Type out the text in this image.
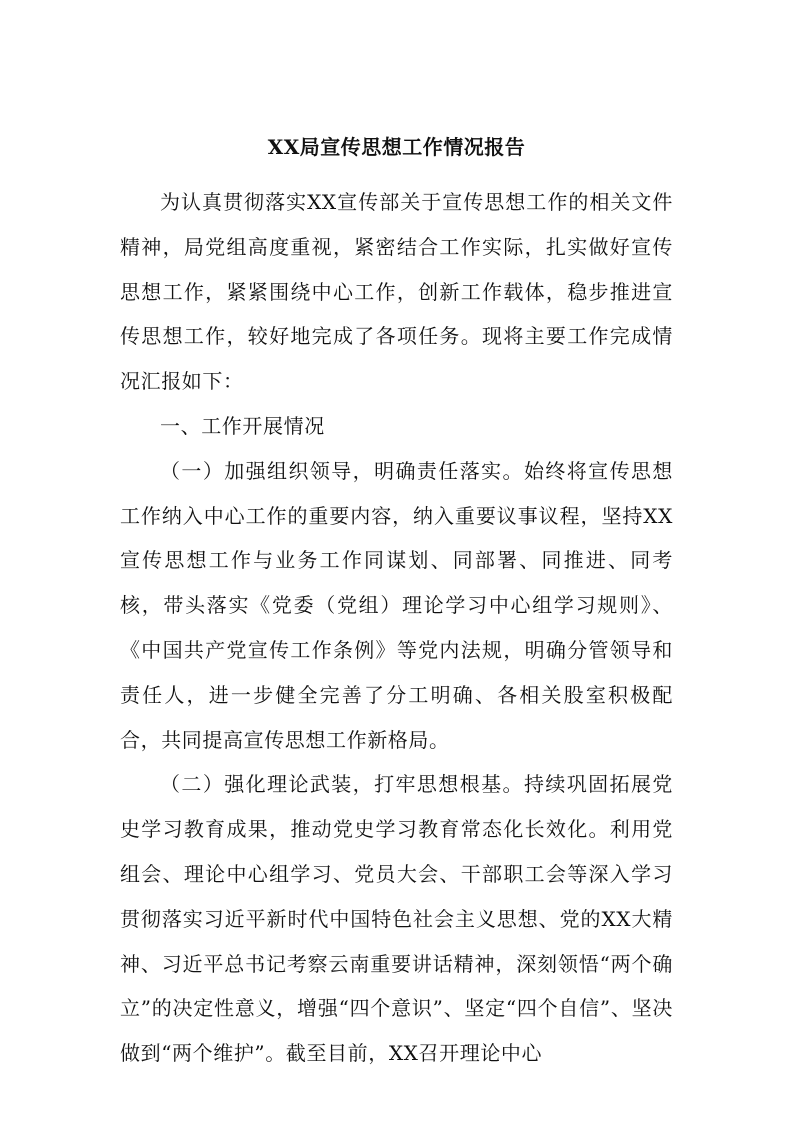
XX局宣传思想工作情况报告

为认真贯彻落实XX宣传部关于宣传思想工作的相关文件精神，局党组高度重视，紧密结合工作实际，扎实做好宣传思想工作，紧紧围绕中心工作，创新工作载体，稳步推进宣传思想工作，较好地完成了各项任务。现将主要工作完成情况汇报如下：

一、工作开展情况

（一）加强组织领导，明确责任落实。始终将宣传思想工作纳入中心工作的重要内容，纳入重要议事议程，坚持XX宣传思想工作与业务工作同谋划、同部署、同推进、同考核，带头落实《党委（党组）理论学习中心组学习规则》、《中国共产党宣传工作条例》等党内法规，明确分管领导和责任人，进一步健全完善了分工明确、各相关股室积极配合，共同提高宣传思想工作新格局。

（二）强化理论武装，打牢思想根基。持续巩固拓展党史学习教育成果，推动党史学习教育常态化长效化。利用党组会、理论中心组学习、党员大会、干部职工会等深入学习贯彻落实习近平新时代中国特色社会主义思想、党的XX大精神、习近平总书记考察云南重要讲话精神，深刻领悟“两个确立”的决定性意义，增强“四个意识”、坚定“四个自信”、坚决做到“两个维护”。截至目前，XX召开理论中心
